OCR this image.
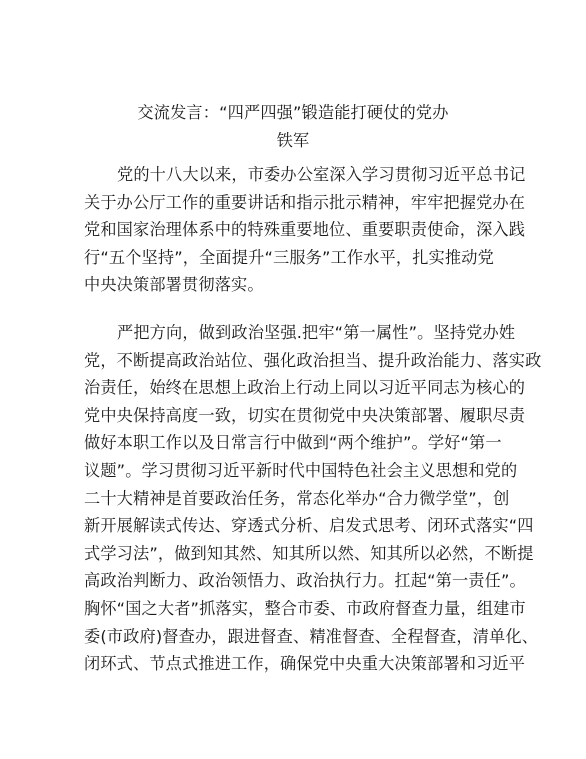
交流发言：“四严四强”锻造能打硬仗的党办
铁军

党的十八大以来，市委办公室深入学习贯彻习近平总书记
关于办公厅工作的重要讲话和指示批示精神，牢牢把握党办在
党和国家治理体系中的特殊重要地位、重要职责使命，深入践
行“五个坚持”，全面提升“三服务”工作水平，扎实推动党
中央决策部署贯彻落实。

严把方向，做到政治坚强.把牢“第一属性”。坚持党办姓
党，不断提高政治站位、强化政治担当、提升政治能力、落实政
治责任，始终在思想上政治上行动上同以习近平同志为核心的
党中央保持高度一致，切实在贯彻党中央决策部署、履职尽责
做好本职工作以及日常言行中做到“两个维护”。学好“第一
议题”。学习贯彻习近平新时代中国特色社会主义思想和党的
二十大精神是首要政治任务，常态化举办“合力微学堂”，创
新开展解读式传达、穿透式分析、启发式思考、闭环式落实“四
式学习法”，做到知其然、知其所以然、知其所以必然，不断提
高政治判断力、政治领悟力、政治执行力。扛起“第一责任”。
胸怀“国之大者”抓落实，整合市委、市政府督查力量，组建市
委(市政府)督查办，跟进督查、精准督查、全程督查，清单化、
闭环式、节点式推进工作，确保党中央重大决策部署和习近平
